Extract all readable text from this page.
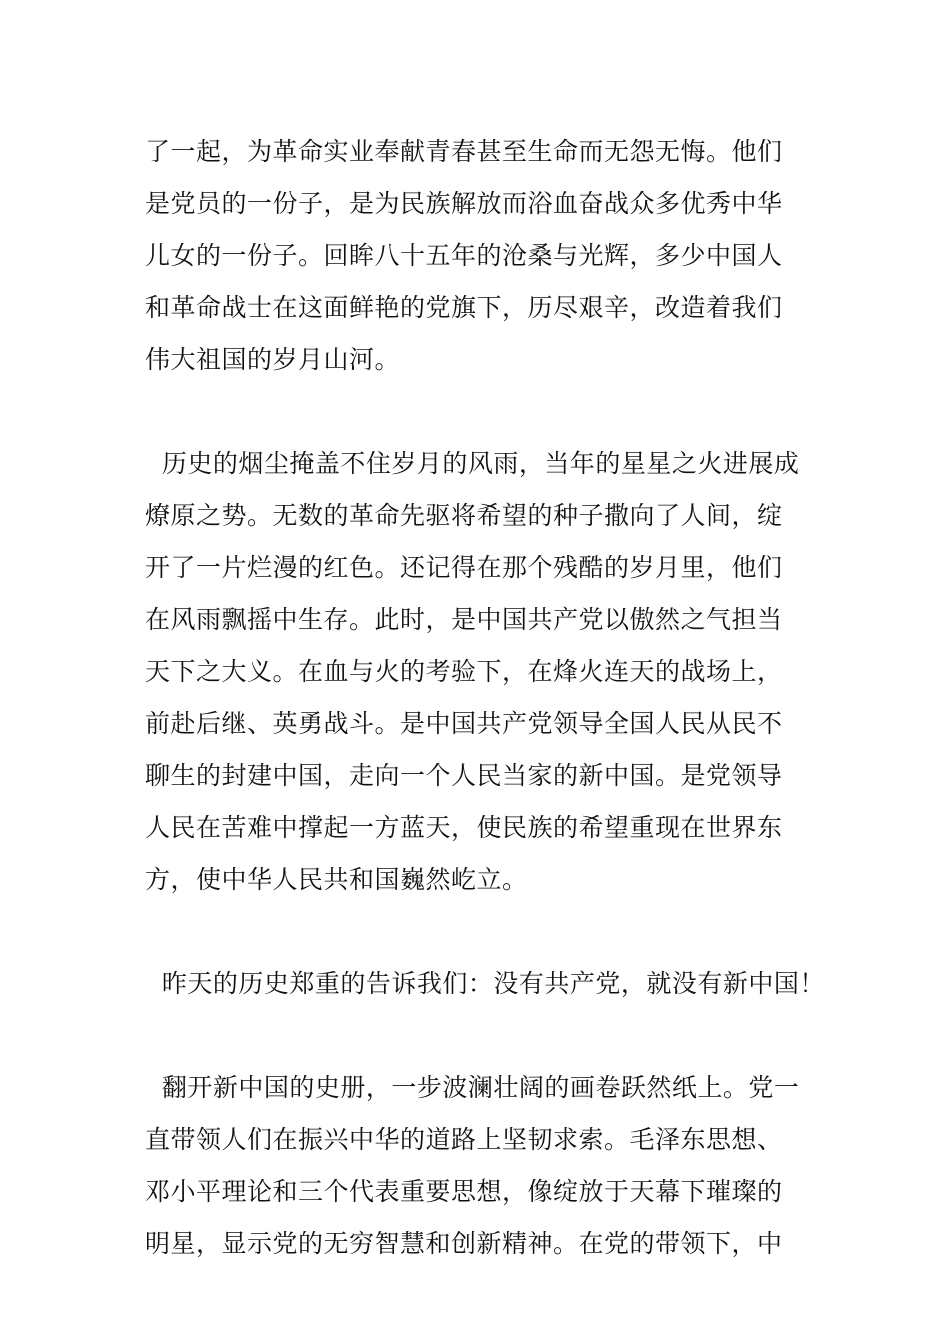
了一起，为革命实业奉献青春甚至生命而无怨无悔。他们
是党员的一份子，是为民族解放而浴血奋战众多优秀中华
儿女的一份子。回眸八十五年的沧桑与光辉，多少中国人
和革命战士在这面鲜艳的党旗下，历尽艰辛，改造着我们
伟大祖国的岁月山河。
历史的烟尘掩盖不住岁月的风雨，当年的星星之火进展成
燎原之势。无数的革命先驱将希望的种子撒向了人间，绽
开了一片烂漫的红色。还记得在那个残酷的岁月里，他们
在风雨飘摇中生存。此时，是中国共产党以傲然之气担当
天下之大义。在血与火的考验下，在烽火连天的战场上，
前赴后继、英勇战斗。是中国共产党领导全国人民从民不
聊生的封建中国，走向一个人民当家的新中国。是党领导
人民在苦难中撑起一方蓝天，使民族的希望重现在世界东
方，使中华人民共和国巍然屹立。
昨天的历史郑重的告诉我们：没有共产党，就没有新中国！
翻开新中国的史册，一步波澜壮阔的画卷跃然纸上。党一
直带领人们在振兴中华的道路上坚韧求索。毛泽东思想、
邓小平理论和三个代表重要思想，像绽放于天幕下璀璨的
明星，显示党的无穷智慧和创新精神。在党的带领下，中
